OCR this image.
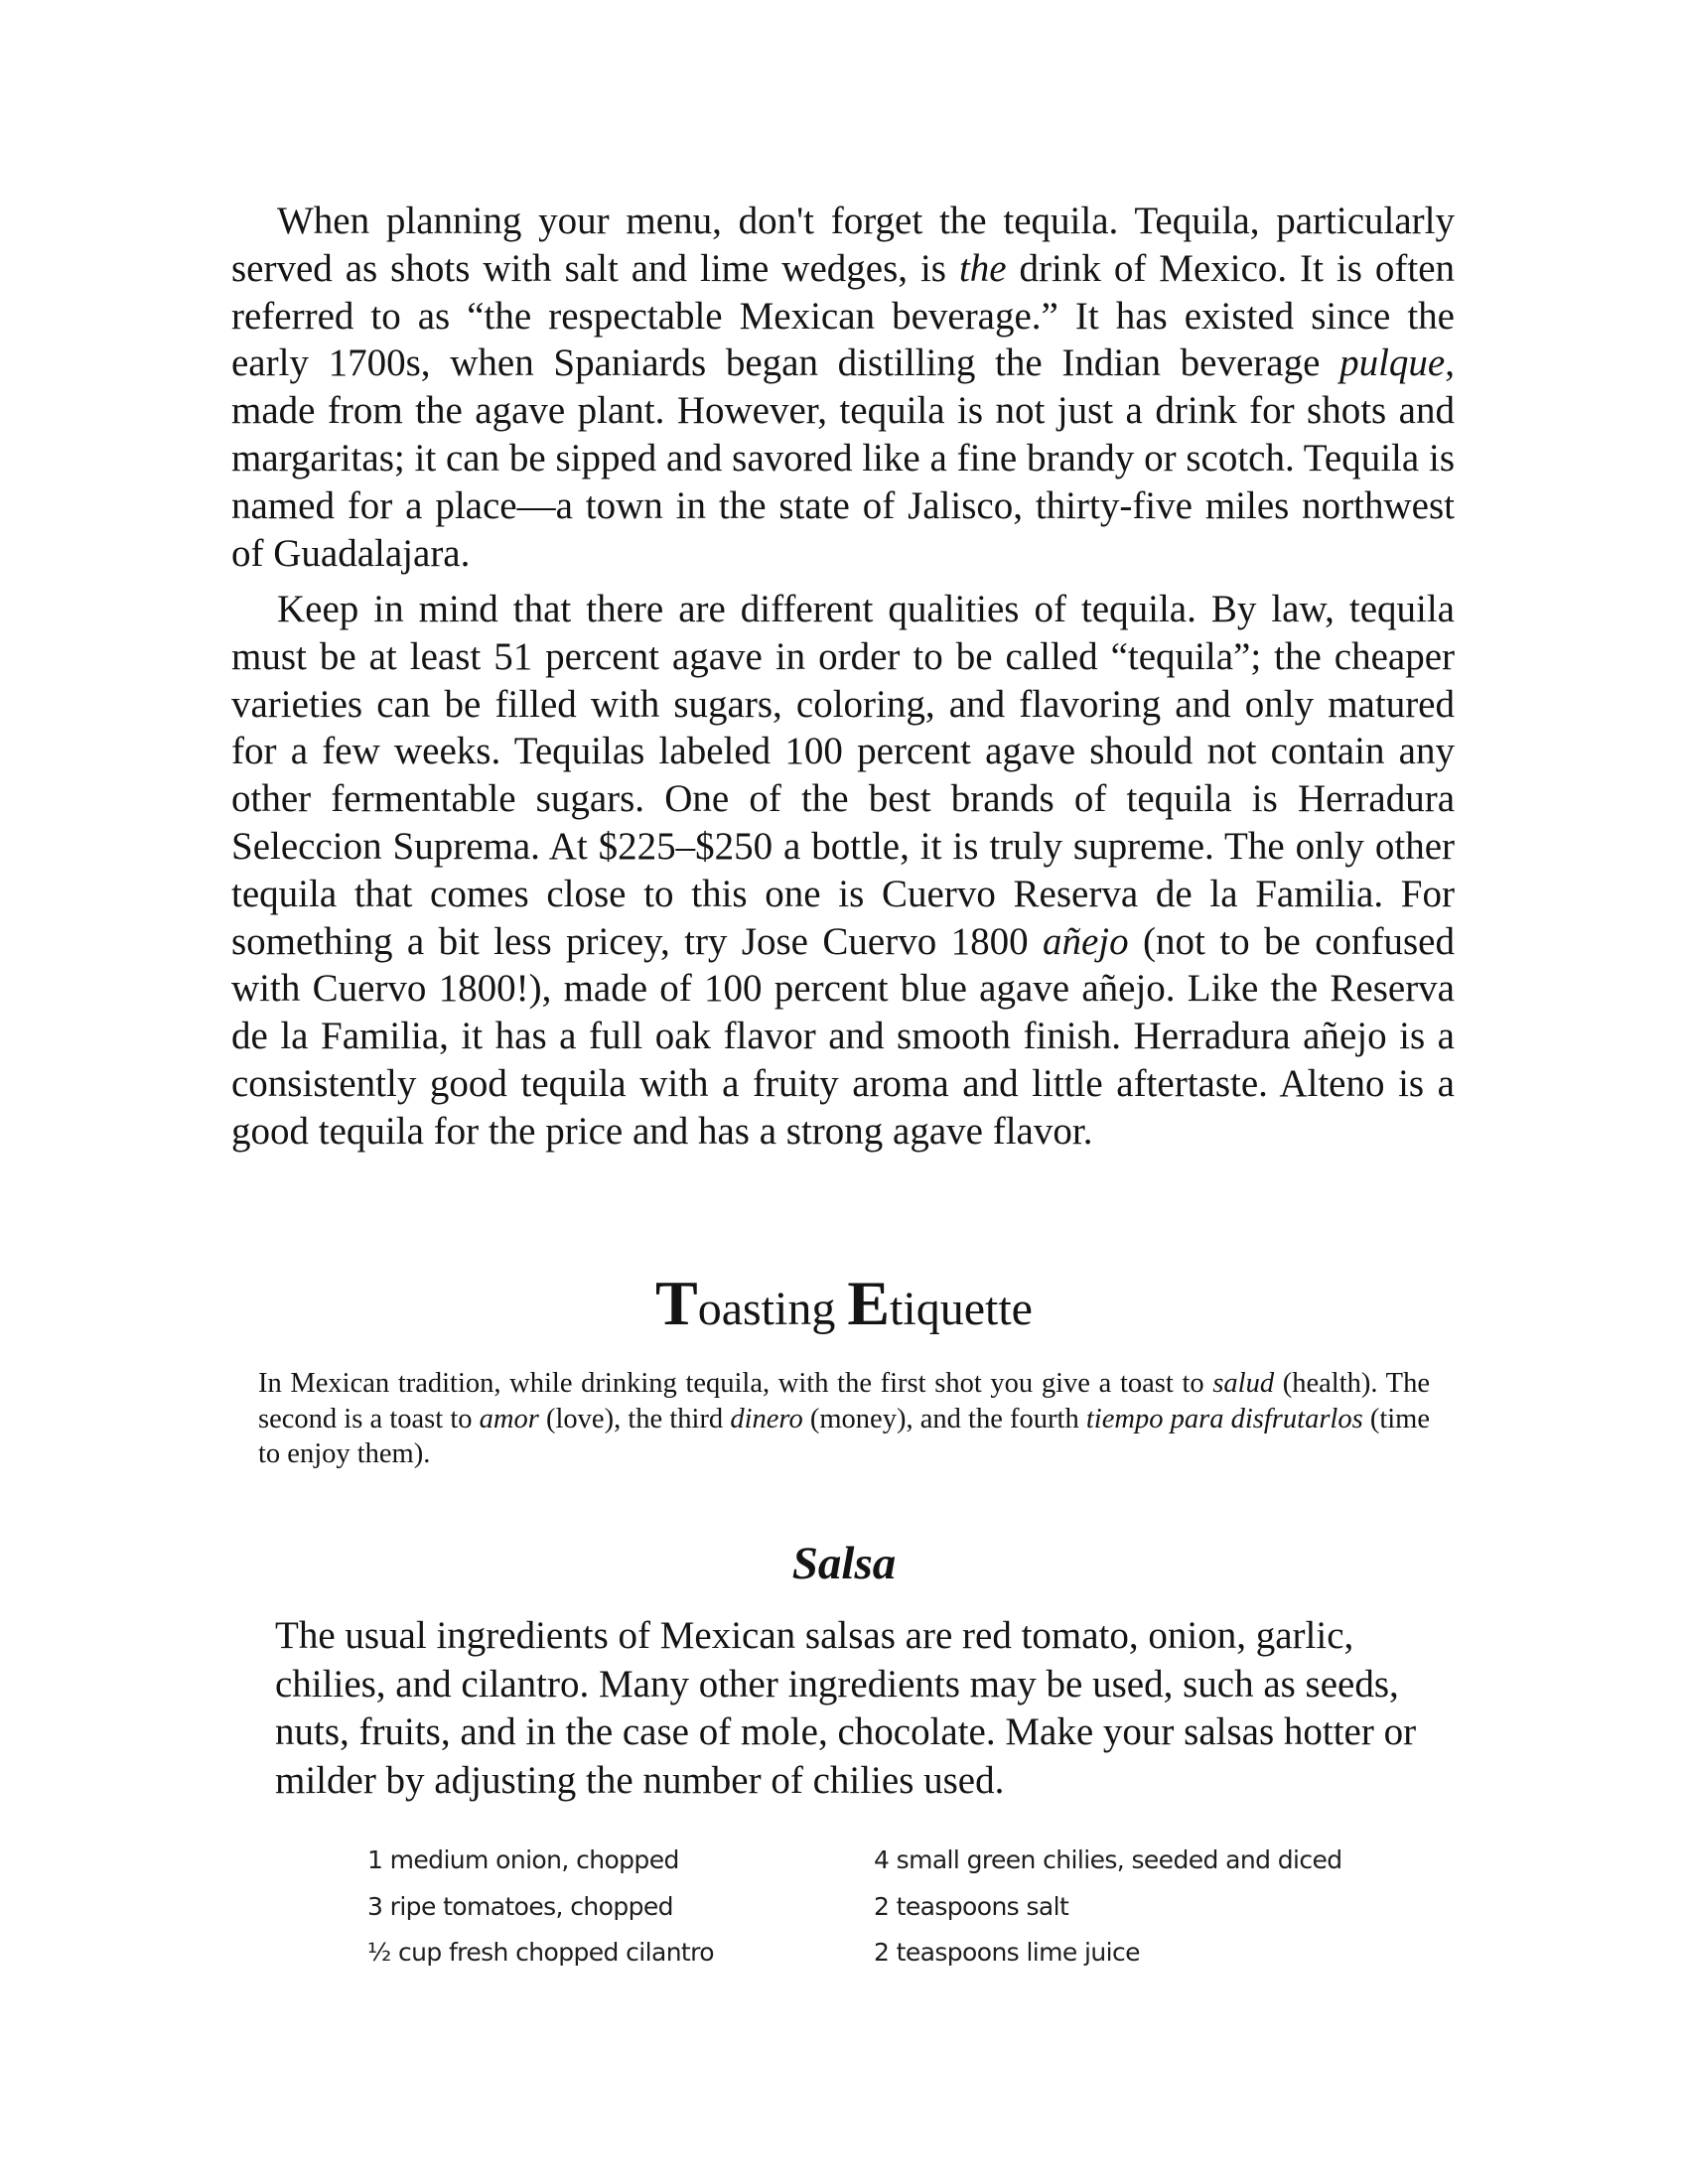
When planning your menu, don't forget the tequila. Tequila, particularly served as shots with salt and lime wedges, is the drink of Mexico. It is often referred to as “the respectable Mexican beverage.” It has existed since the early 1700s, when Spaniards began distilling the Indian beverage pulque, made from the agave plant. However, tequila is not just a drink for shots and margaritas; it can be sipped and savored like a fine brandy or scotch. Tequila is named for a place—a town in the state of Jalisco, thirty-five miles northwest of Guadalajara.

Keep in mind that there are different qualities of tequila. By law, tequila must be at least 51 percent agave in order to be called “tequila”; the cheaper varieties can be filled with sugars, coloring, and flavoring and only matured for a few weeks. Tequilas labeled 100 percent agave should not contain any other fermentable sugars. One of the best brands of tequila is Herradura Seleccion Suprema. At $225–$250 a bottle, it is truly supreme. The only other tequila that comes close to this one is Cuervo Reserva de la Familia. For something a bit less pricey, try Jose Cuervo 1800 añejo (not to be confused with Cuervo 1800!), made of 100 percent blue agave añejo. Like the Reserva de la Familia, it has a full oak flavor and smooth finish. Herradura añejo is a consistently good tequila with a fruity aroma and little aftertaste. Alteno is a good tequila for the price and has a strong agave flavor.

Toasting Etiquette

In Mexican tradition, while drinking tequila, with the first shot you give a toast to salud (health). The second is a toast to amor (love), the third dinero (money), and the fourth tiempo para disfrutarlos (time to enjoy them).

Salsa

The usual ingredients of Mexican salsas are red tomato, onion, garlic, chilies, and cilantro. Many other ingredients may be used, such as seeds, nuts, fruits, and in the case of mole, chocolate. Make your salsas hotter or milder by adjusting the number of chilies used.

1 medium onion, chopped	4 small green chilies, seeded and diced
3 ripe tomatoes, chopped	2 teaspoons salt
½ cup fresh chopped cilantro	2 teaspoons lime juice
